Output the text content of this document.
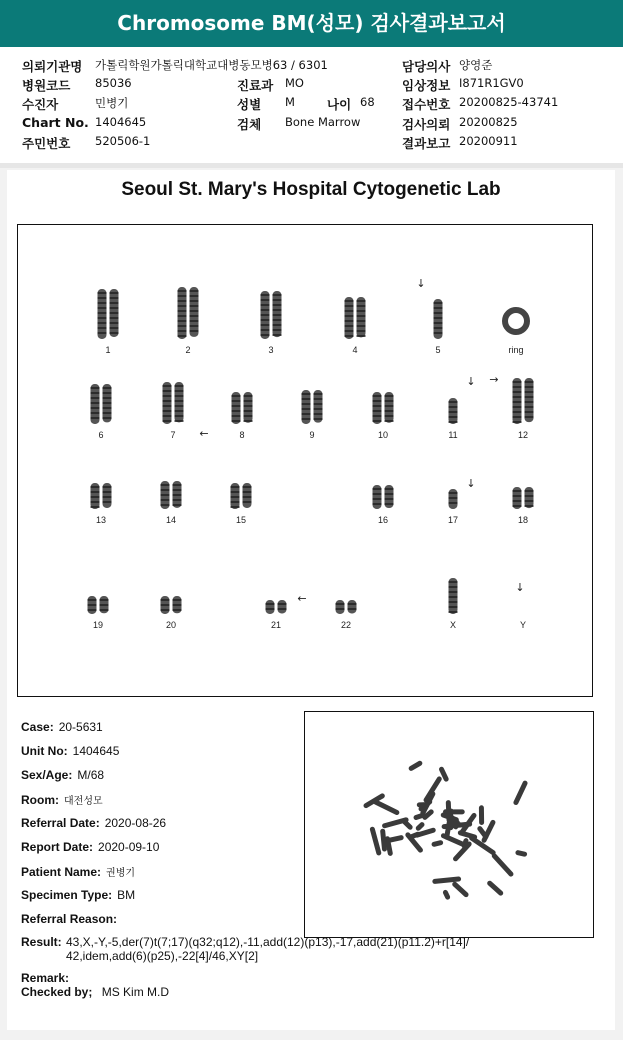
Chromosome BM(성모) 검사결과보고서
의뢰기관명 가톨릭학원가톨릭대학교대병동모병63 / 6301
병원코드 85036
수진자	민병기
Chart No. 1404645
주민번호 520506-1
진료과 MO
성별 M
검체 Bone Marrow
나이 68
담당의사 양영준
임상정보 I871R1GV0
접수번호 20200825-43741
검사의뢰 20200825
결과보고 20200911
Seoul St. Mary's Hospital Cytogenetic Lab
1	2	3	4	5	ring
6	7	8	9	10	11	12
13	14	15	16	17	18
19	20	21	22	X	Y
↓
↓ →
←
↓
←
↓
Case: 20-5631
Unit No: 1404645
Sex/Age: M/68
Room: 대전성모
Referral Date: 2020-08-26
Report Date: 2020-09-10
Patient Name: 권병기
Specimen Type: BM
Referral Reason:
Result: 43,X,-Y,-5,der(7)t(7;17)(q32;q12),-11,add(12)(p13),-17,add(21)(p11.2)+r[14]/
42,idem,add(6)(p25),-22[4]/46,XY[2]
Remark:
Checked by; MS Kim M.D
